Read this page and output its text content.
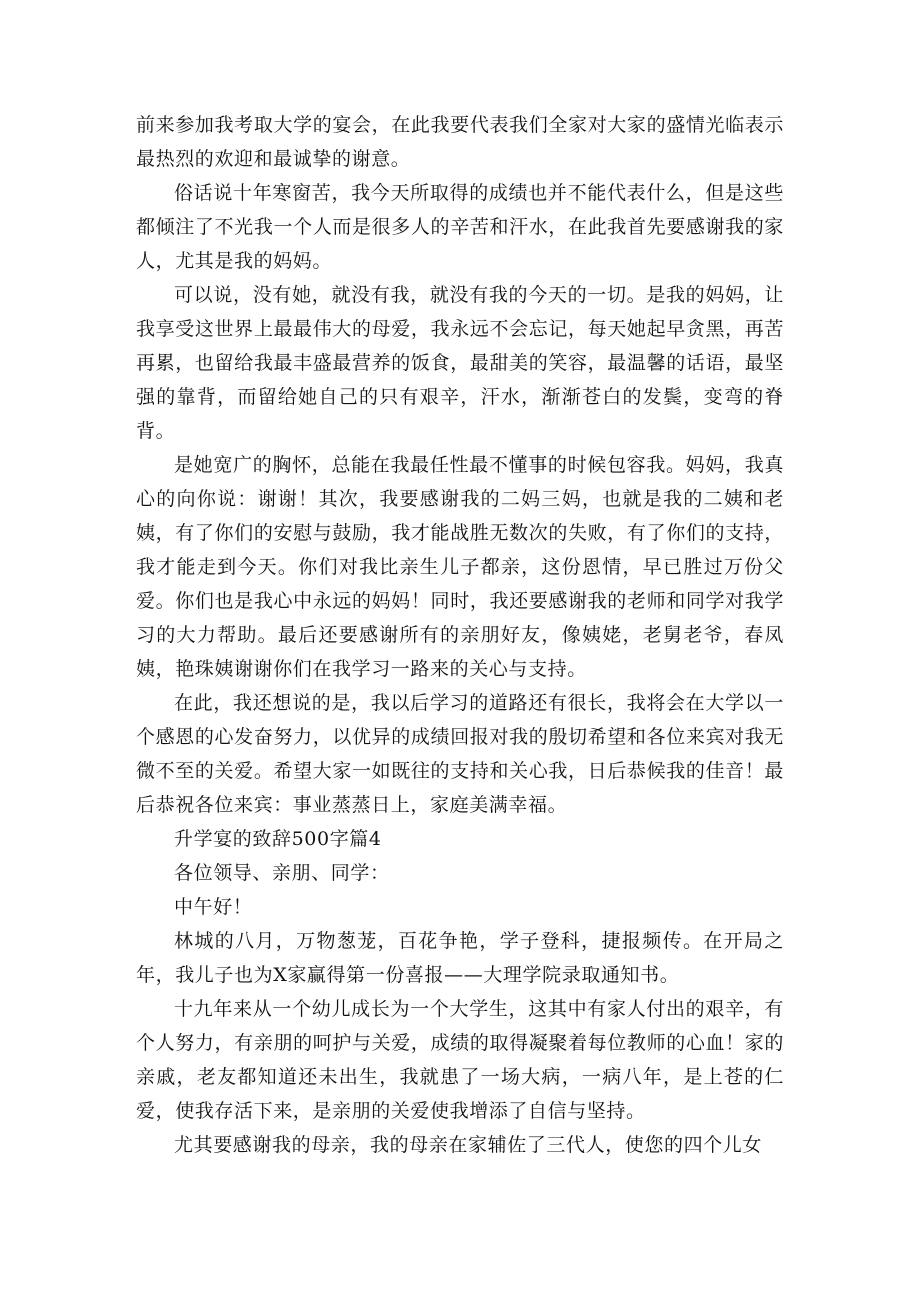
前来参加我考取大学的宴会，在此我要代表我们全家对大家的盛情光临表示最热烈的欢迎和最诚挚的谢意。

俗话说十年寒窗苦，我今天所取得的成绩也并不能代表什么，但是这些都倾注了不光我一个人而是很多人的辛苦和汗水，在此我首先要感谢我的家人，尤其是我的妈妈。

可以说，没有她，就没有我，就没有我的今天的一切。是我的妈妈，让我享受这世界上最最伟大的母爱，我永远不会忘记，每天她起早贪黑，再苦再累，也留给我最丰盛最营养的饭食，最甜美的笑容，最温馨的话语，最坚强的靠背，而留给她自己的只有艰辛，汗水，渐渐苍白的发鬓，变弯的脊背。

是她宽广的胸怀，总能在我最任性最不懂事的时候包容我。妈妈，我真心的向你说：谢谢！其次，我要感谢我的二妈三妈，也就是我的二姨和老姨，有了你们的安慰与鼓励，我才能战胜无数次的失败，有了你们的支持，我才能走到今天。你们对我比亲生儿子都亲，这份恩情，早已胜过万份父爱。你们也是我心中永远的妈妈！同时，我还要感谢我的老师和同学对我学习的大力帮助。最后还要感谢所有的亲朋好友，像姨姥，老舅老爷，春凤姨，艳珠姨谢谢你们在我学习一路来的关心与支持。

在此，我还想说的是，我以后学习的道路还有很长，我将会在大学以一个感恩的心发奋努力，以优异的成绩回报对我的殷切希望和各位来宾对我无微不至的关爱。希望大家一如既往的支持和关心我，日后恭候我的佳音！最后恭祝各位来宾：事业蒸蒸日上，家庭美满幸福。

升学宴的致辞500字篇4

各位领导、亲朋、同学：

中午好！

林城的八月，万物葱茏，百花争艳，学子登科，捷报频传。在开局之年，我儿子也为X家赢得第一份喜报——大理学院录取通知书。

十九年来从一个幼儿成长为一个大学生，这其中有家人付出的艰辛，有个人努力，有亲朋的呵护与关爱，成绩的取得凝聚着每位教师的心血！家的亲戚，老友都知道还未出生，我就患了一场大病，一病八年，是上苍的仁爱，使我存活下来，是亲朋的关爱使我增添了自信与坚持。

尤其要感谢我的母亲，我的母亲在家辅佐了三代人，使您的四个儿女
